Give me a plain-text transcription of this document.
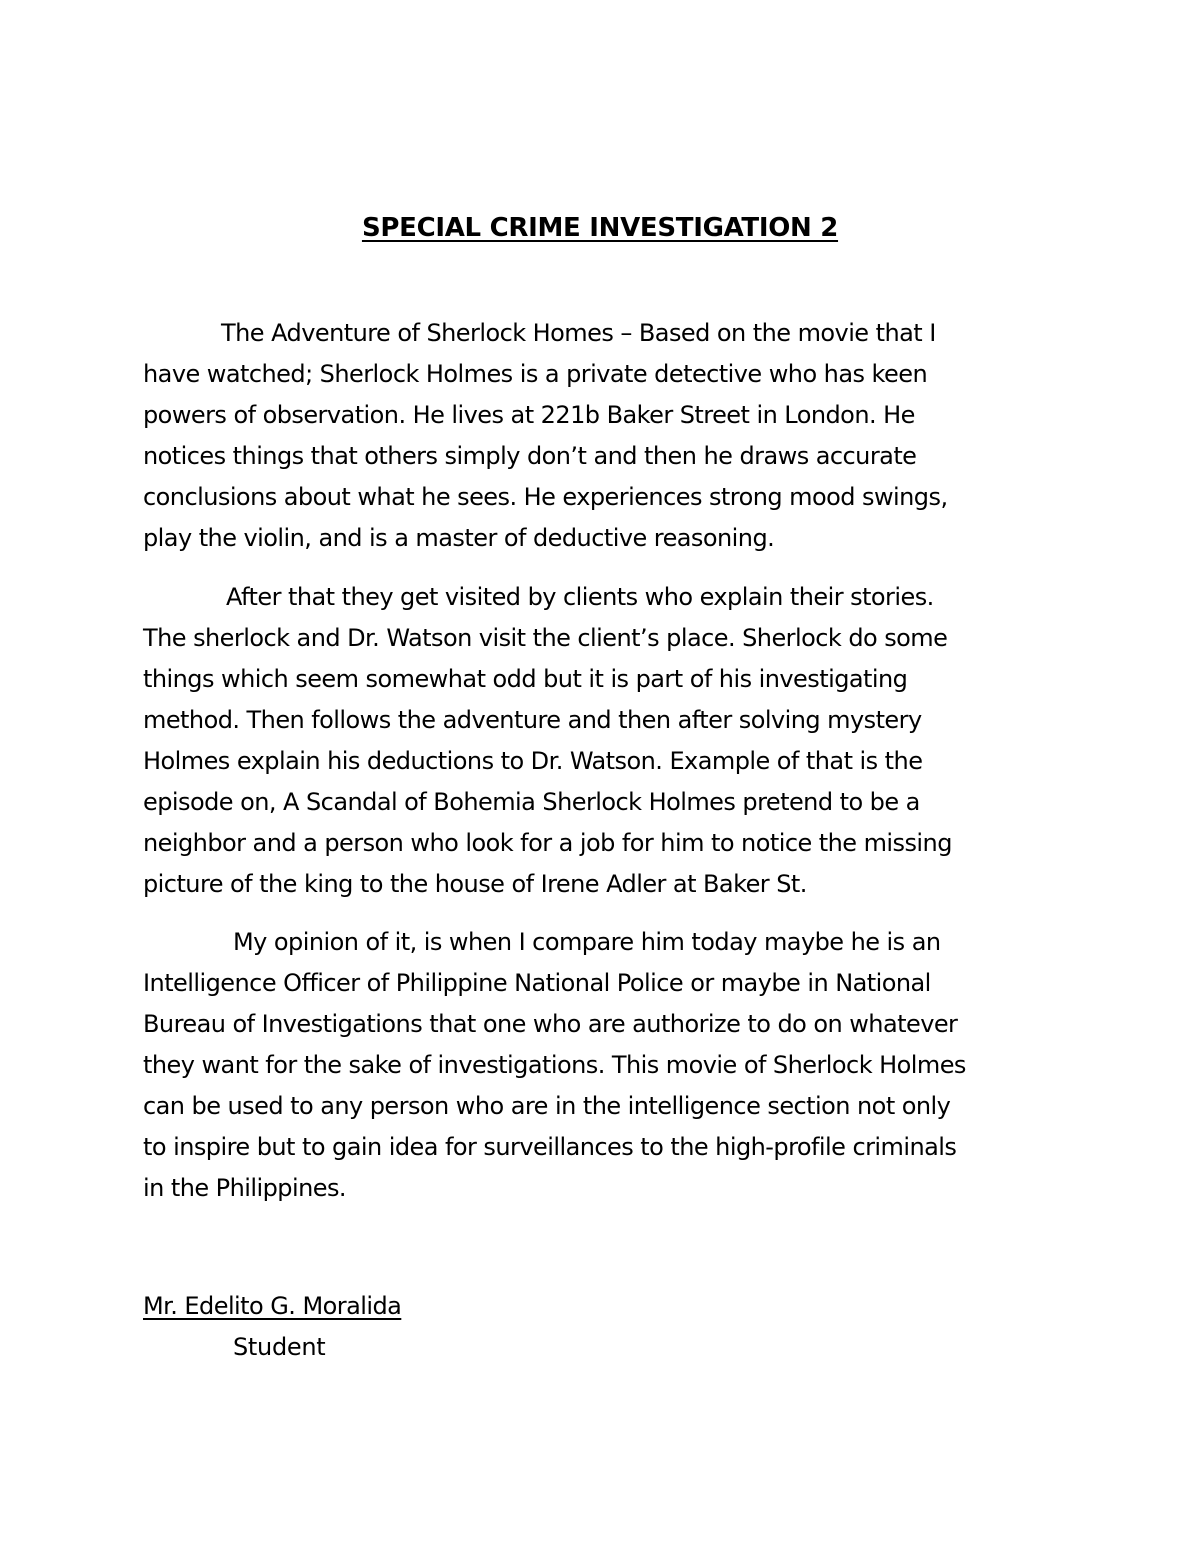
SPECIAL CRIME INVESTIGATION 2
The Adventure of Sherlock Homes – Based on the movie that I
have watched; Sherlock Holmes is a private detective who has keen
powers of observation. He lives at 221b Baker Street in London. He
notices things that others simply don’t and then he draws accurate
conclusions about what he sees. He experiences strong mood swings,
play the violin, and is a master of deductive reasoning.
After that they get visited by clients who explain their stories.
The sherlock and Dr. Watson visit the client’s place. Sherlock do some
things which seem somewhat odd but it is part of his investigating
method. Then follows the adventure and then after solving mystery
Holmes explain his deductions to Dr. Watson. Example of that is the
episode on, A Scandal of Bohemia Sherlock Holmes pretend to be a
neighbor and a person who look for a job for him to notice the missing
picture of the king to the house of Irene Adler at Baker St.
My opinion of it, is when I compare him today maybe he is an
Intelligence Officer of Philippine National Police or maybe in National
Bureau of Investigations that one who are authorize to do on whatever
they want for the sake of investigations. This movie of Sherlock Holmes
can be used to any person who are in the intelligence section not only
to inspire but to gain idea for surveillances to the high-profile criminals
in the Philippines.
Mr. Edelito G. Moralida
Student
